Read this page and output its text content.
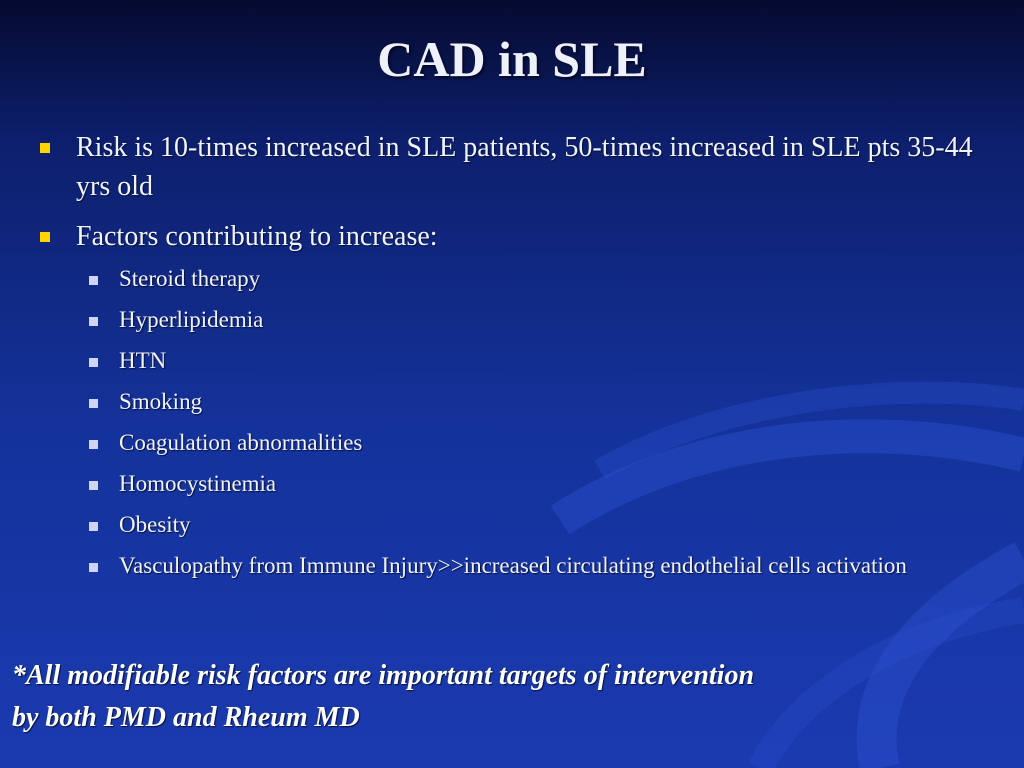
CAD in SLE
Risk is 10-times increased in SLE patients, 50-times increased in SLE pts 35-44 yrs old
Factors contributing to increase:
Steroid therapy
Hyperlipidemia
HTN
Smoking
Coagulation abnormalities
Homocystinemia
Obesity
Vasculopathy from Immune Injury>>increased circulating endothelial cells activation

*All modifiable risk factors are important targets of intervention
by both PMD and Rheum MD
